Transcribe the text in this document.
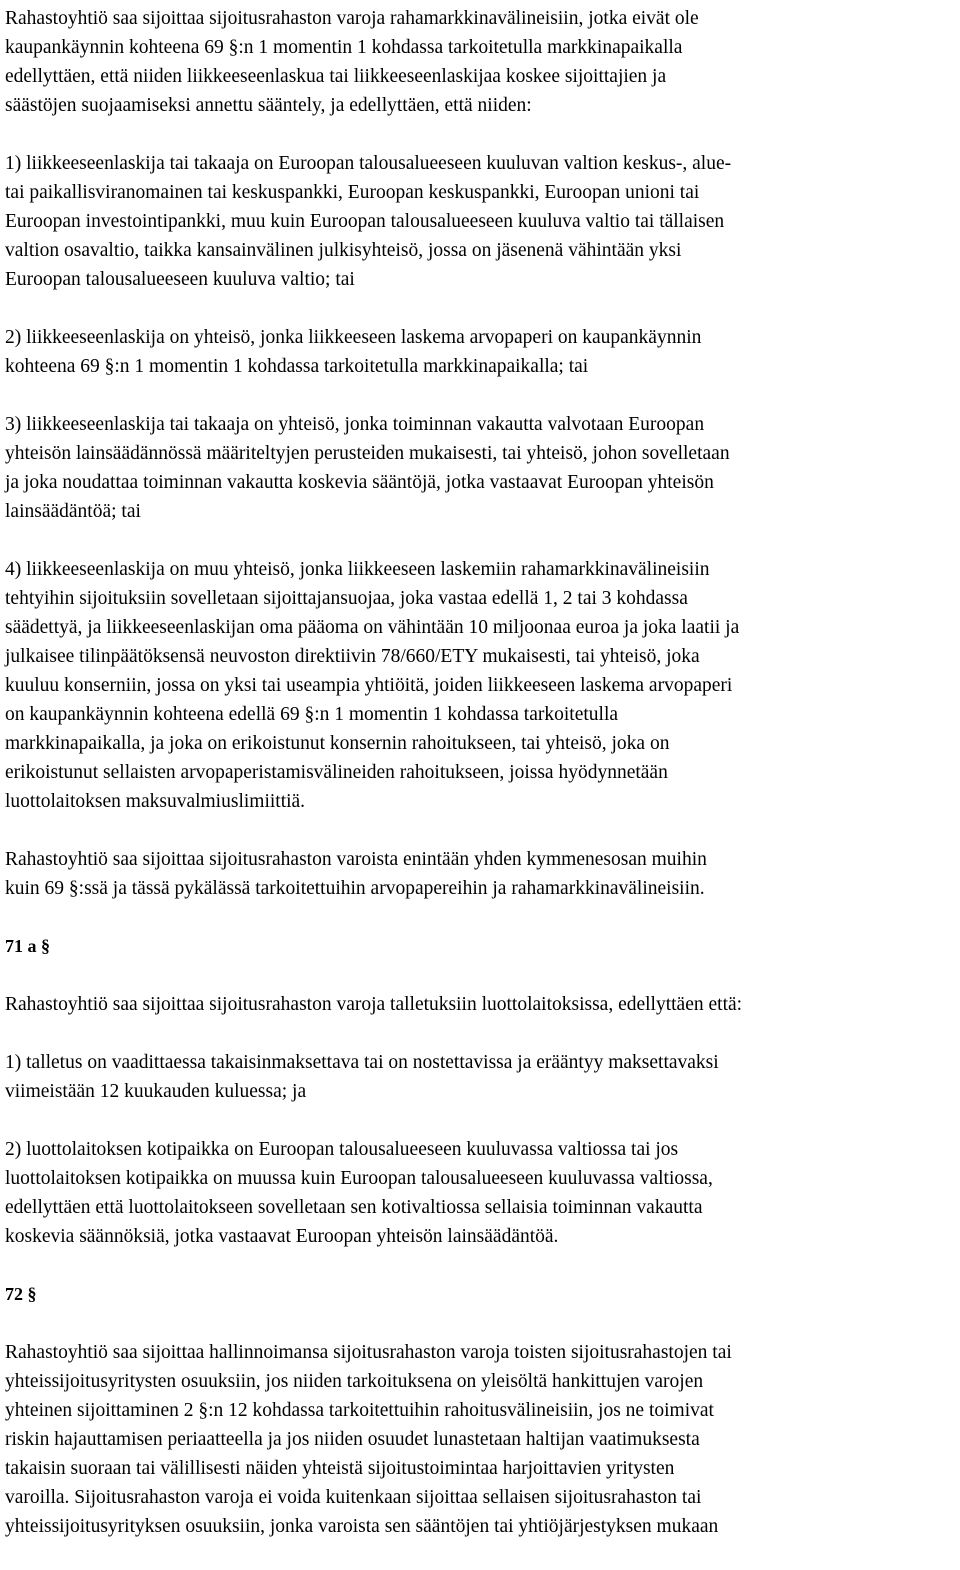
Rahastoyhtiö saa sijoittaa sijoitusrahaston varoja rahamarkkinavälineisiin, jotka eivät ole
kaupankäynnin kohteena 69 §:n 1 momentin 1 kohdassa tarkoitetulla markkinapaikalla
edellyttäen, että niiden liikkeeseenlaskua tai liikkeeseenlaskijaa koskee sijoittajien ja
säästöjen suojaamiseksi annettu sääntely, ja edellyttäen, että niiden:

1) liikkeeseenlaskija tai takaaja on Euroopan talousalueeseen kuuluvan valtion keskus-, alue-
tai paikallisviranomainen tai keskuspankki, Euroopan keskuspankki, Euroopan unioni tai
Euroopan investointipankki, muu kuin Euroopan talousalueeseen kuuluva valtio tai tällaisen
valtion osavaltio, taikka kansainvälinen julkisyhteisö, jossa on jäsenenä vähintään yksi
Euroopan talousalueeseen kuuluva valtio; tai

2) liikkeeseenlaskija on yhteisö, jonka liikkeeseen laskema arvopaperi on kaupankäynnin
kohteena 69 §:n 1 momentin 1 kohdassa tarkoitetulla markkinapaikalla; tai

3) liikkeeseenlaskija tai takaaja on yhteisö, jonka toiminnan vakautta valvotaan Euroopan
yhteisön lainsäädännössä määriteltyjen perusteiden mukaisesti, tai yhteisö, johon sovelletaan
ja joka noudattaa toiminnan vakautta koskevia sääntöjä, jotka vastaavat Euroopan yhteisön
lainsäädäntöä; tai

4) liikkeeseenlaskija on muu yhteisö, jonka liikkeeseen laskemiin rahamarkkinavälineisiin
tehtyihin sijoituksiin sovelletaan sijoittajansuojaa, joka vastaa edellä 1, 2 tai 3 kohdassa
säädettyä, ja liikkeeseenlaskijan oma pääoma on vähintään 10 miljoonaa euroa ja joka laatii ja
julkaisee tilinpäätöksensä neuvoston direktiivin 78/660/ETY mukaisesti, tai yhteisö, joka
kuuluu konserniin, jossa on yksi tai useampia yhtiöitä, joiden liikkeeseen laskema arvopaperi
on kaupankäynnin kohteena edellä 69 §:n 1 momentin 1 kohdassa tarkoitetulla
markkinapaikalla, ja joka on erikoistunut konsernin rahoitukseen, tai yhteisö, joka on
erikoistunut sellaisten arvopaperistamisvälineiden rahoitukseen, joissa hyödynnetään
luottolaitoksen maksuvalmiuslimiittiä.

Rahastoyhtiö saa sijoittaa sijoitusrahaston varoista enintään yhden kymmenesosan muihin
kuin 69 §:ssä ja tässä pykälässä tarkoitettuihin arvopapereihin ja rahamarkkinavälineisiin.

71 a §

Rahastoyhtiö saa sijoittaa sijoitusrahaston varoja talletuksiin luottolaitoksissa, edellyttäen että:

1) talletus on vaadittaessa takaisinmaksettava tai on nostettavissa ja erääntyy maksettavaksi
viimeistään 12 kuukauden kuluessa; ja

2) luottolaitoksen kotipaikka on Euroopan talousalueeseen kuuluvassa valtiossa tai jos
luottolaitoksen kotipaikka on muussa kuin Euroopan talousalueeseen kuuluvassa valtiossa,
edellyttäen että luottolaitokseen sovelletaan sen kotivaltiossa sellaisia toiminnan vakautta
koskevia säännöksiä, jotka vastaavat Euroopan yhteisön lainsäädäntöä.

72 §

Rahastoyhtiö saa sijoittaa hallinnoimansa sijoitusrahaston varoja toisten sijoitusrahastojen tai
yhteissijoitusyritysten osuuksiin, jos niiden tarkoituksena on yleisöltä hankittujen varojen
yhteinen sijoittaminen 2 §:n 12 kohdassa tarkoitettuihin rahoitusvälineisiin, jos ne toimivat
riskin hajauttamisen periaatteella ja jos niiden osuudet lunastetaan haltijan vaatimuksesta
takaisin suoraan tai välillisesti näiden yhteistä sijoitustoimintaa harjoittavien yritysten
varoilla. Sijoitusrahaston varoja ei voida kuitenkaan sijoittaa sellaisen sijoitusrahaston tai
yhteissijoitusyrityksen osuuksiin, jonka varoista sen sääntöjen tai yhtiöjärjestyksen mukaan
